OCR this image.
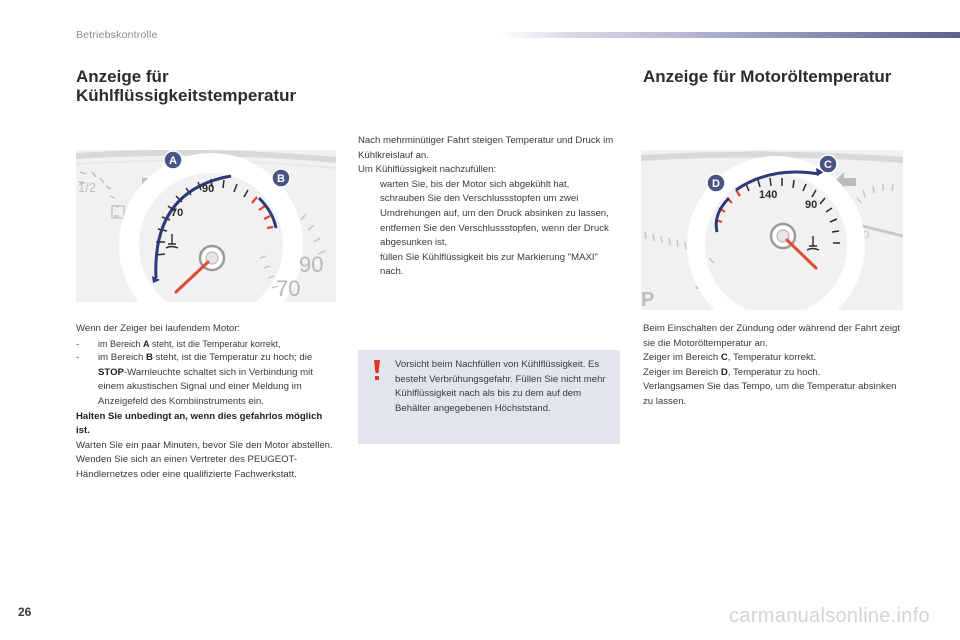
Betriebskontrolle
Anzeige für Kühlflüssigkeitstemperatur
1/2
1
90
70
A
B
90
70
Wenn der Zeiger bei laufendem Motor:
- im Bereich A steht, ist die Temperatur korrekt,
- im Bereich B steht, ist die Temperatur zu hoch; die STOP-Warnleuchte schaltet sich in Verbindung mit einem akustischen Signal und einer Meldung im Anzeigefeld des Kombiinstruments ein.
Halten Sie unbedingt an, wenn dies gefahrlos möglich ist.
Warten Sie ein paar Minuten, bevor Sie den Motor abstellen.
Wenden Sie sich an einen Vertreter des PEUGEOT-Händlernetzes oder eine qualifizierte Fachwerkstatt.
Nach mehrminütiger Fahrt steigen Temperatur und Druck im Kühlkreislauf an.
Um Kühlflüssigkeit nachzufüllen:
warten Sie, bis der Motor sich abgekühlt hat,
schrauben Sie den Verschlussstopfen um zwei Umdrehungen auf, um den Druck absinken zu lassen,
entfernen Sie den Verschlussstopfen, wenn der Druck abgesunken ist,
füllen Sie Kühlflüssigkeit bis zur Markierung "MAXI" nach.
Vorsicht beim Nachfüllen von Kühlflüssigkeit. Es besteht Verbrühungsgefahr. Füllen Sie nicht mehr Kühlflüssigkeit nach als bis zu dem auf dem Behälter angegebenen Höchststand.
Anzeige für Motoröltemperatur
0
P
4
140
90
C
D
Beim Einschalten der Zündung oder während der Fahrt zeigt sie die Motoröltemperatur an.
Zeiger im Bereich C, Temperatur korrekt.
Zeiger im Bereich D, Temperatur zu hoch.
Verlangsamen Sie das Tempo, um die Temperatur absinken zu lassen.
26	carmanualsonline.info
